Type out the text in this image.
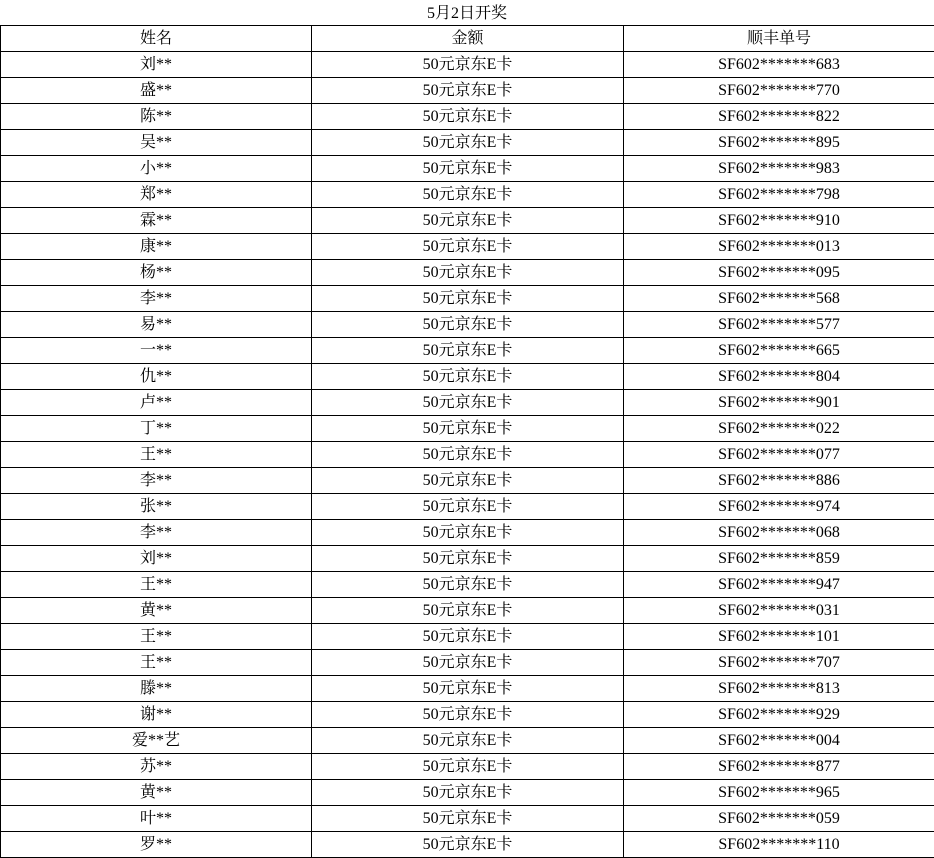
5月2日开奖
姓名	金额	顺丰单号
刘**	50元京东E卡	SF602*******683
盛**	50元京东E卡	SF602*******770
陈**	50元京东E卡	SF602*******822
吴**	50元京东E卡	SF602*******895
小**	50元京东E卡	SF602*******983
郑**	50元京东E卡	SF602*******798
霖**	50元京东E卡	SF602*******910
康**	50元京东E卡	SF602*******013
杨**	50元京东E卡	SF602*******095
李**	50元京东E卡	SF602*******568
易**	50元京东E卡	SF602*******577
一**	50元京东E卡	SF602*******665
仇**	50元京东E卡	SF602*******804
卢**	50元京东E卡	SF602*******901
丁**	50元京东E卡	SF602*******022
王**	50元京东E卡	SF602*******077
李**	50元京东E卡	SF602*******886
张**	50元京东E卡	SF602*******974
李**	50元京东E卡	SF602*******068
刘**	50元京东E卡	SF602*******859
王**	50元京东E卡	SF602*******947
黄**	50元京东E卡	SF602*******031
王**	50元京东E卡	SF602*******101
王**	50元京东E卡	SF602*******707
滕**	50元京东E卡	SF602*******813
谢**	50元京东E卡	SF602*******929
爱**艺	50元京东E卡	SF602*******004
苏**	50元京东E卡	SF602*******877
黄**	50元京东E卡	SF602*******965
叶**	50元京东E卡	SF602*******059
罗**	50元京东E卡	SF602*******110
